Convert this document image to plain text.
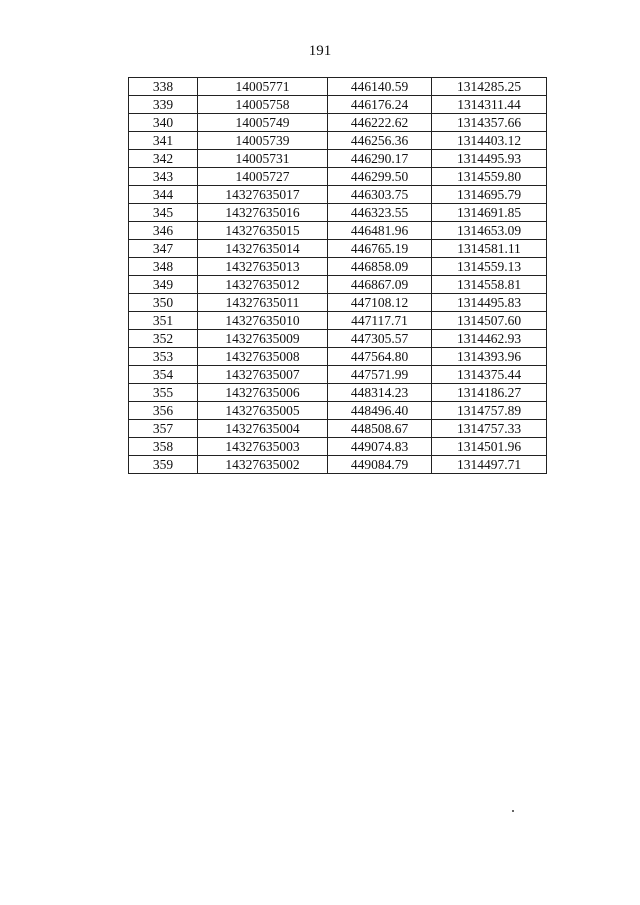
191
338	14005771	446140.59	1314285.25
339	14005758	446176.24	1314311.44
340	14005749	446222.62	1314357.66
341	14005739	446256.36	1314403.12
342	14005731	446290.17	1314495.93
343	14005727	446299.50	1314559.80
344	14327635017	446303.75	1314695.79
345	14327635016	446323.55	1314691.85
346	14327635015	446481.96	1314653.09
347	14327635014	446765.19	1314581.11
348	14327635013	446858.09	1314559.13
349	14327635012	446867.09	1314558.81
350	14327635011	447108.12	1314495.83
351	14327635010	447117.71	1314507.60
352	14327635009	447305.57	1314462.93
353	14327635008	447564.80	1314393.96
354	14327635007	447571.99	1314375.44
355	14327635006	448314.23	1314186.27
356	14327635005	448496.40	1314757.89
357	14327635004	448508.67	1314757.33
358	14327635003	449074.83	1314501.96
359	14327635002	449084.79	1314497.71
